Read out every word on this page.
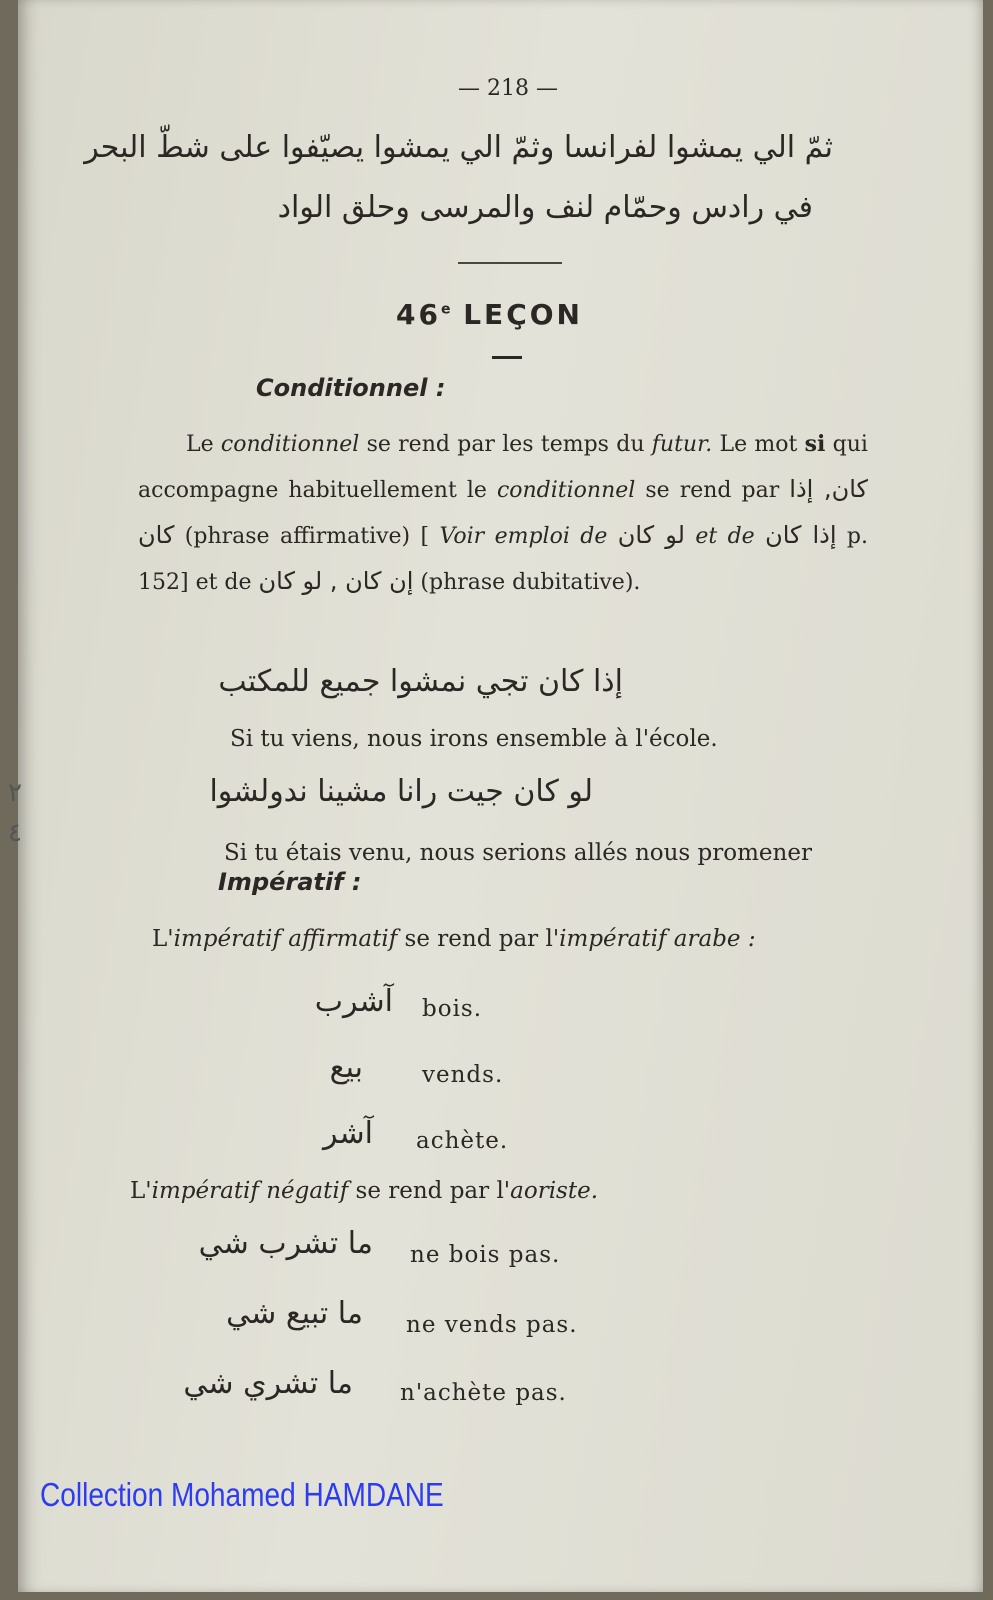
— 218 —
ثمّ الي يمشوا لفرانسا وثمّ الي يمشوا يصيّفوا على شطّ البحر
في رادس وحمّام لنف والمرسى وحلق الواد
46e LEÇON
Conditionnel :
Le conditionnel se rend par les temps du futur. Le mot si qui accompagne habituellement le conditionnel se rend par كان, إذا كان (phrase affirmative) [ Voir emploi de لو كان et de إذا كان p. 152] et de إن كان , لو كان (phrase dubitative).
إذا كان تجي نمشوا جميع للمكتب
Si tu viens, nous irons ensemble à l'école.
لو كان جيت رانا مشينا ندولشوا
Si tu étais venu, nous serions allés nous promener
Impératif :
L'impératif affirmatif se rend par l'impératif arabe :
آشرب bois.
بيع	vends.
آشر achète.
L'impératif négatif se rend par l'aoriste.
ما تشرب شي ne bois pas.
ما تبيع شي ne vends pas.
ما تشري شي n'achète pas.
٢
٤
Collection Mohamed HAMDANE
